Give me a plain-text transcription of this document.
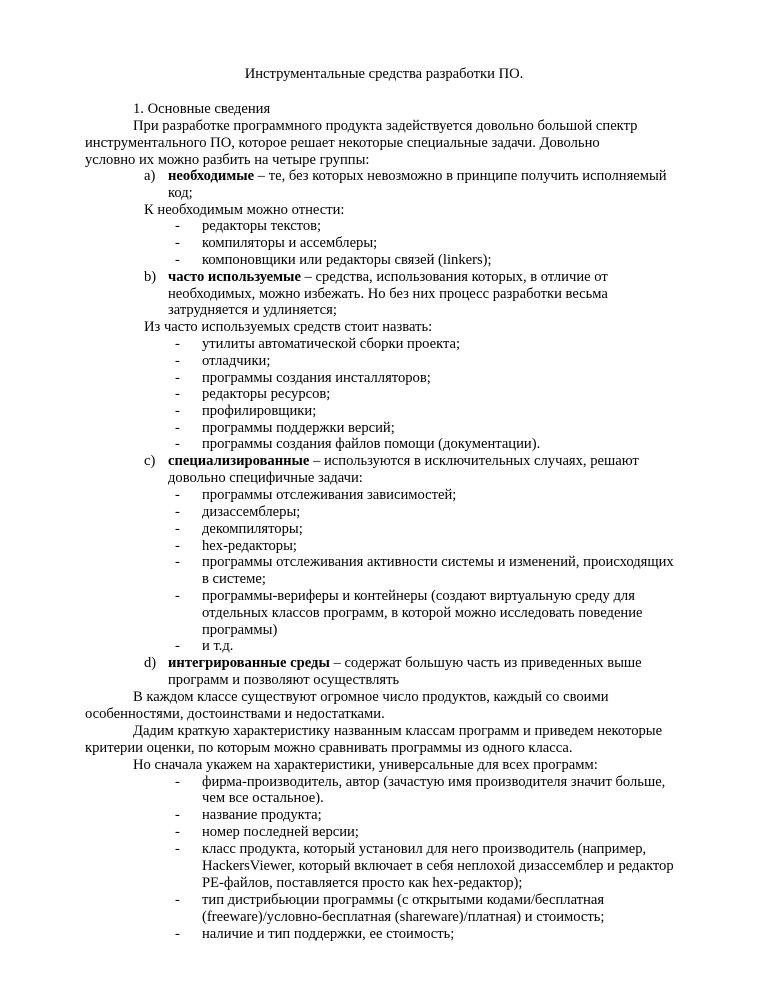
Инструментальные средства разработки ПО.
1. Основные сведения
При разработке программного продукта задействуется довольно большой спектр
инструментального ПО, которое решает некоторые специальные задачи. Довольно
условно их можно разбить на четыре группы:
a) необходимые – те, без которых невозможно в принципе получить исполняемый
код;
К необходимым можно отнести:
- редакторы текстов;
- компиляторы и ассемблеры;
- компоновщики или редакторы связей (linkers);
b) часто используемые – средства, использования которых, в отличие от
необходимых, можно избежать. Но без них процесс разработки весьма
затрудняется и удлиняется;
Из часто используемых средств стоит назвать:
- утилиты автоматической сборки проекта;
- отладчики;
- программы создания инсталляторов;
- редакторы ресурсов;
- профилировщики;
- программы поддержки версий;
- программы создания файлов помощи (документации).
c) специализированные – используются в исключительных случаях, решают
довольно специфичные задачи:
- программы отслеживания зависимостей;
- дизассемблеры;
- декомпиляторы;
- hex-редакторы;
- программы отслеживания активности системы и изменений, происходящих
в системе;
- программы-вериферы и контейнеры (создают виртуальную среду для
отдельных классов программ, в которой можно исследовать поведение
программы)
- и т.д.
d) интегрированные среды – содержат большую часть из приведенных выше
программ и позволяют осуществлять
В каждом классе существуют огромное число продуктов, каждый со своими
особенностями, достоинствами и недостатками.
Дадим краткую характеристику названным классам программ и приведем некоторые
критерии оценки, по которым можно сравнивать программы из одного класса.
Но сначала укажем на характеристики, универсальные для всех программ:
- фирма-производитель, автор (зачастую имя производителя значит больше,
чем все остальное).
- название продукта;
- номер последней версии;
- класс продукта, который установил для него производитель (например,
HackersViewer, который включает в себя неплохой дизассемблер и редактор
PE-файлов, поставляется просто как hex-редактор);
- тип дистрибьюции программы (с открытыми кодами/бесплатная
(freeware)/условно-бесплатная (shareware)/платная) и стоимость;
- наличие и тип поддержки, ее стоимость;
